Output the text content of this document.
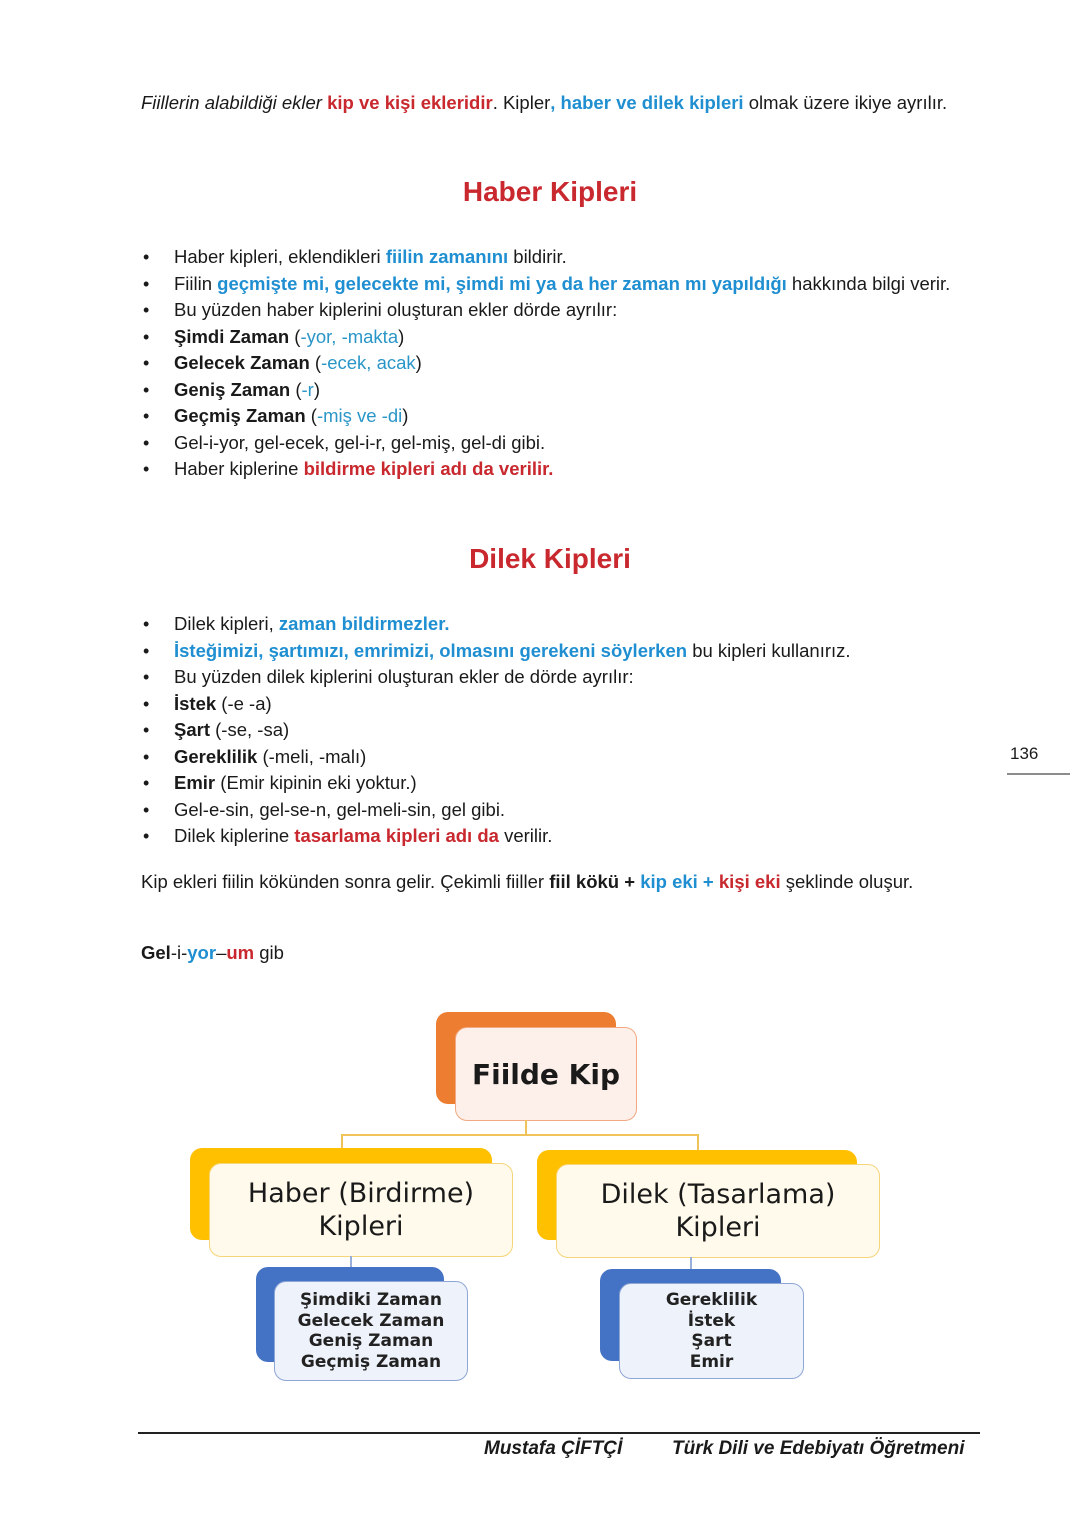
Fiillerin alabildiği ekler kip ve kişi ekleridir. Kipler, haber ve dilek kipleri olmak üzere ikiye ayrılır.
Haber Kipleri
• Haber kipleri, eklendikleri fiilin zamanını bildirir.
• Fiilin geçmişte mi, gelecekte mi, şimdi mi ya da her zaman mı yapıldığı hakkında bilgi verir.
• Bu yüzden haber kiplerini oluşturan ekler dörde ayrılır:
• Şimdi Zaman (-yor, -makta)
• Gelecek Zaman (-ecek, acak)
• Geniş Zaman (-r)
• Geçmiş Zaman (-miş ve -di)
• Gel-i-yor, gel-ecek, gel-i-r, gel-miş, gel-di gibi.
• Haber kiplerine bildirme kipleri adı da verilir.
Dilek Kipleri
• Dilek kipleri, zaman bildirmezler.
• İsteğimizi, şartımızı, emrimizi, olmasını gerekeni söylerken bu kipleri kullanırız.
• Bu yüzden dilek kiplerini oluşturan ekler de dörde ayrılır:
• İstek (-e -a)
• Şart (-se, -sa)
• Gereklilik (-meli, -malı)
• Emir (Emir kipinin eki yoktur.)
• Gel-e-sin, gel-se-n, gel-meli-sin, gel gibi.
• Dilek kiplerine tasarlama kipleri adı da verilir.
Kip ekleri fiilin kökünden sonra gelir. Çekimli fiiller fiil kökü + kip eki + kişi eki şeklinde oluşur.
Gel-i-yor–um gib
136
Fiilde Kip
Haber (Birdirme)
Kipleri
Dilek (Tasarlama)
Kipleri
Şimdiki Zaman
Gelecek Zaman
Geniş Zaman
Geçmiş Zaman
Gereklilik
İstek
Şart
Emir
Mustafa ÇİFTÇİ	Türk Dili ve Edebiyatı Öğretmeni
